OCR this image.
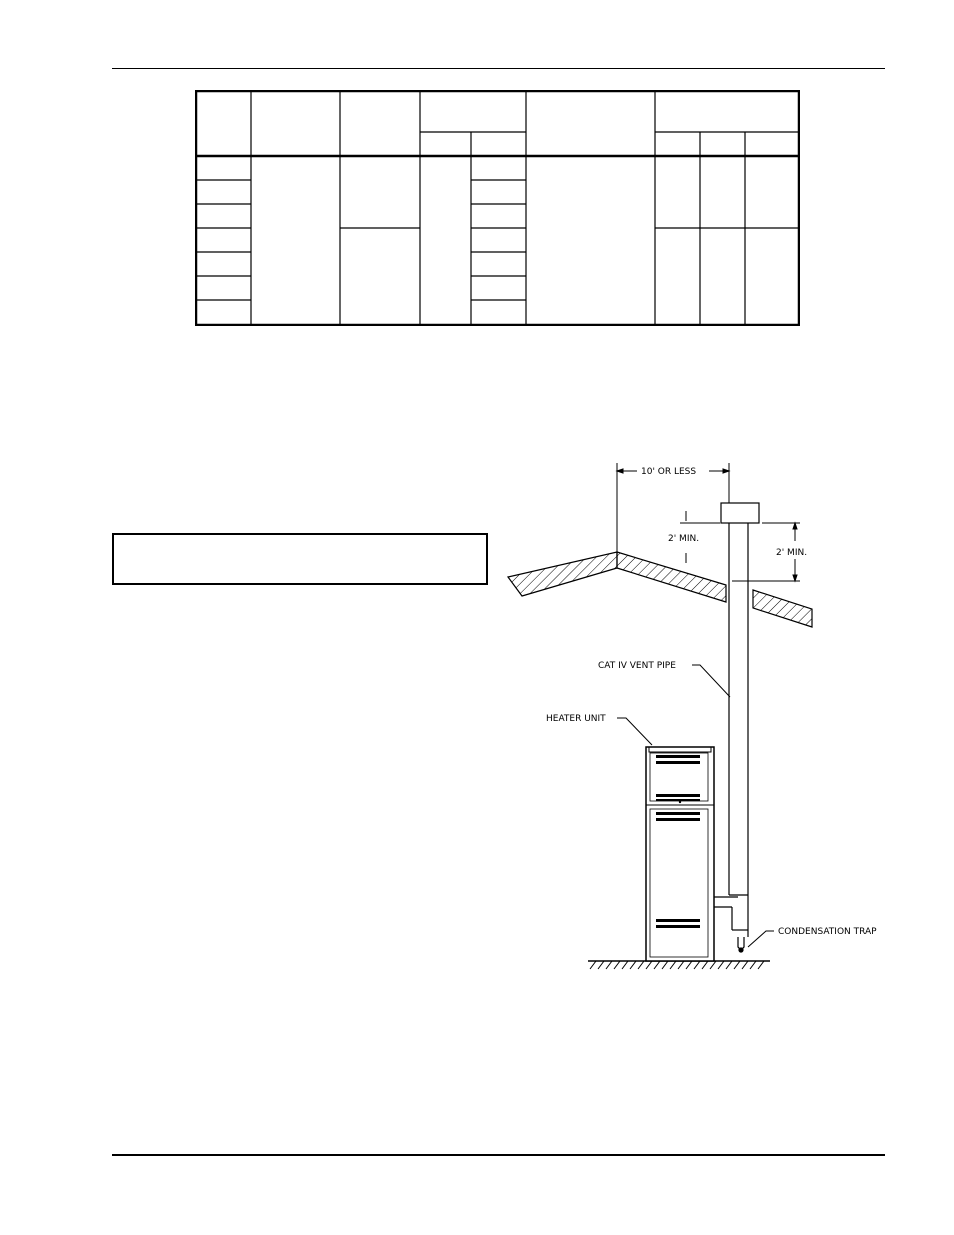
10' OR LESS
2' MIN.
2' MIN.
CAT IV VENT PIPE
HEATER UNIT
CONDENSATION TRAP
